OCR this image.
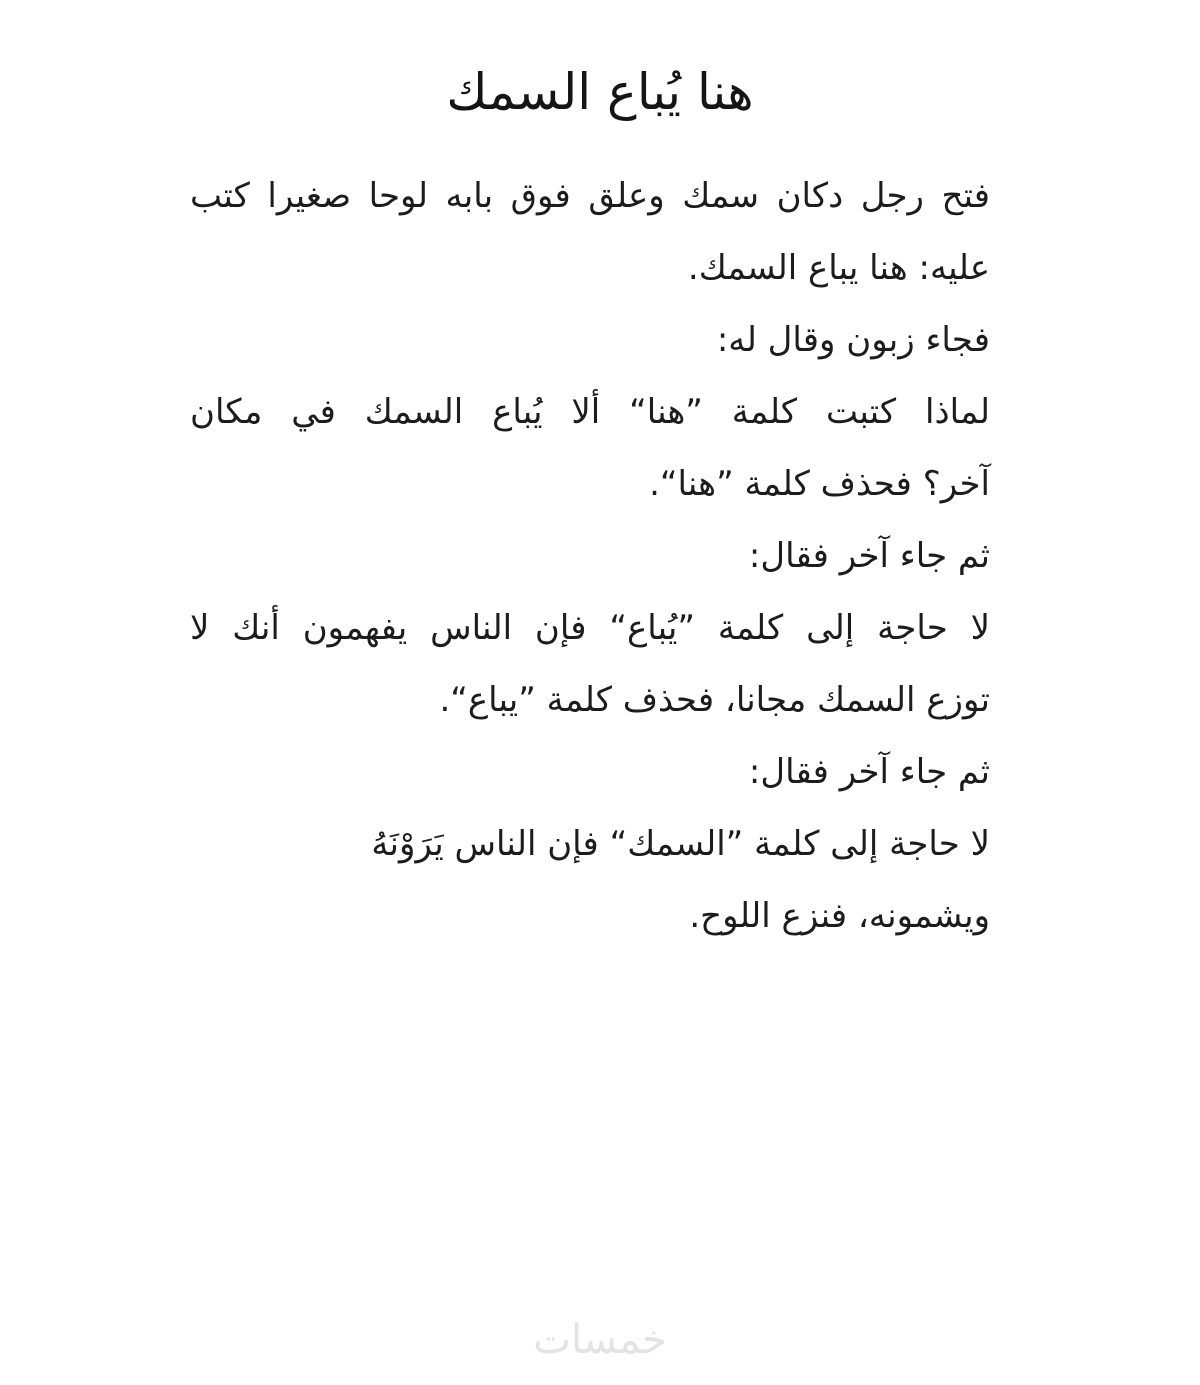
هنا يُباع السمك
فتح رجل دكان سمك وعلق فوق بابه لوحا صغيرا كتب
عليه: هنا يباع السمك.
فجاء زبون وقال له:
لماذا كتبت كلمة ”هنا“ ألا يُباع السمك في مكان
آخر؟ فحذف كلمة ”هنا“.
ثم جاء آخر فقال:
لا حاجة إلى كلمة ”يُباع“ فإن الناس يفهمون أنك لا
توزع السمك مجانا، فحذف كلمة ”يباع“.
ثم جاء آخر فقال:
لا حاجة إلى كلمة ”السمك“ فإن الناس يَرَوْنَهُ
ويشمونه، فنزع اللوح.
خمسات
